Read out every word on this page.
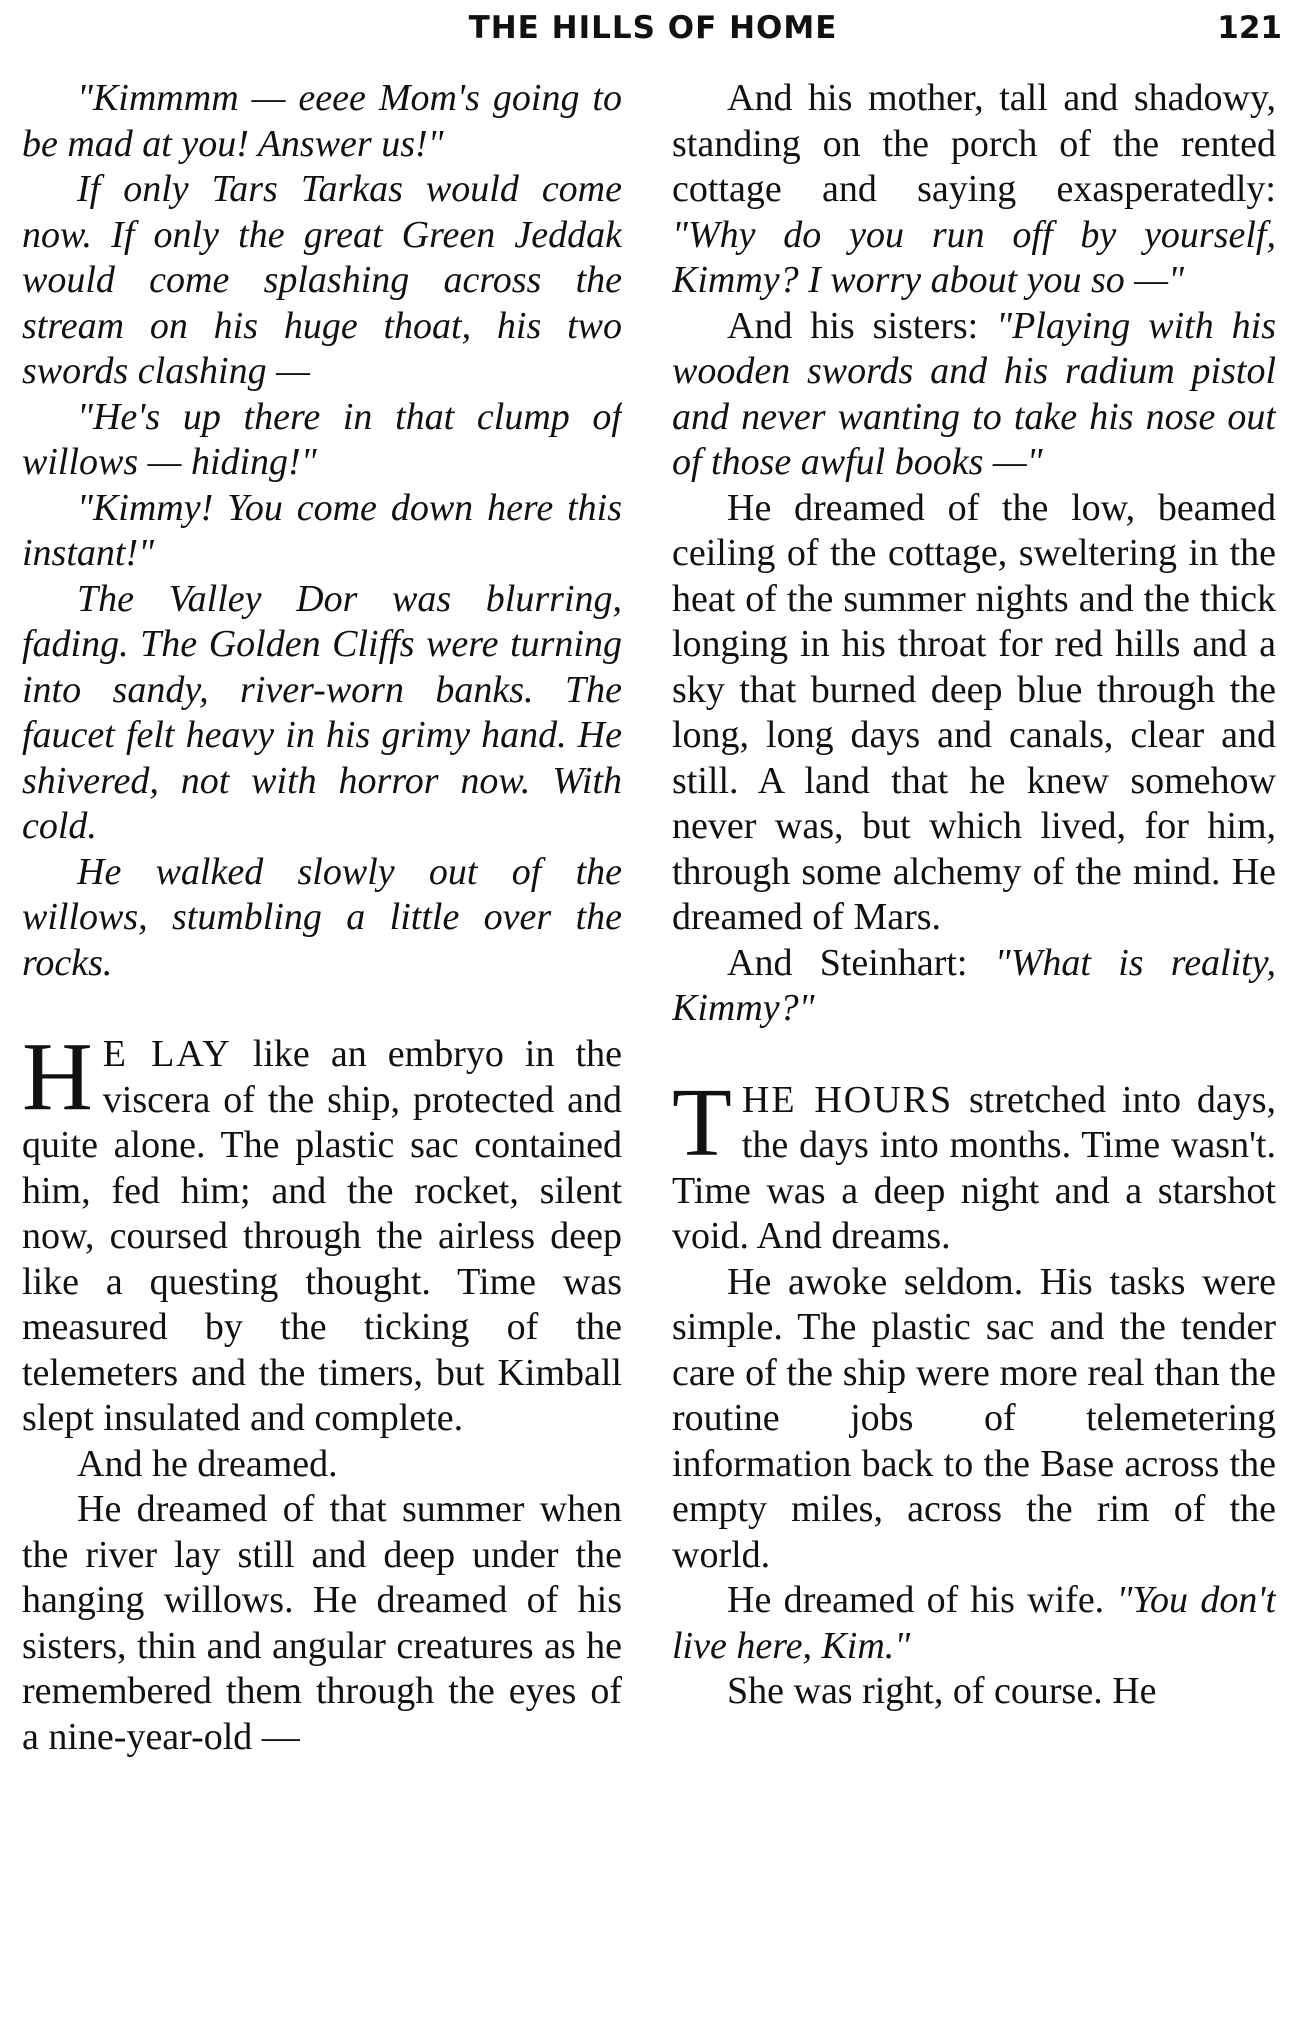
THE HILLS OF HOME	121

"Kimmmm — eeee Mom's going to be mad at you! Answer us!"

If only Tars Tarkas would come now. If only the great Green Jeddak would come splashing across the stream on his huge thoat, his two swords clashing —

"He's up there in that clump of willows — hiding!"

"Kimmy! You come down here this instant!"

The Valley Dor was blurring, fading. The Golden Cliffs were turning into sandy, river-worn banks. The faucet felt heavy in his grimy hand. He shivered, not with horror now. With cold.

He walked slowly out of the willows, stumbling a little over the rocks.

H E LAY like an embryo in the viscera of the ship, protected and quite alone. The plastic sac contained him, fed him; and the rocket, silent now, coursed through the airless deep like a questing thought. Time was measured by the ticking of the telemeters and the timers, but Kimball slept insulated and complete.

And he dreamed.

He dreamed of that summer when the river lay still and deep under the hanging willows. He dreamed of his sisters, thin and angular creatures as he remembered them through the eyes of a nine-year-old —

And his mother, tall and shadowy, standing on the porch of the rented cottage and saying exasperatedly: "Why do you run off by yourself, Kimmy? I worry about you so —"

And his sisters: "Playing with his wooden swords and his radium pistol and never wanting to take his nose out of those awful books —"

He dreamed of the low, beamed ceiling of the cottage, sweltering in the heat of the summer nights and the thick longing in his throat for red hills and a sky that burned deep blue through the long, long days and canals, clear and still. A land that he knew somehow never was, but which lived, for him, through some alchemy of the mind. He dreamed of Mars.

And Steinhart: "What is reality, Kimmy?"

THE HOURS stretched into days, the days into months. Time wasn't. Time was a deep night and a starshot void. And dreams.

He awoke seldom. His tasks were simple. The plastic sac and the tender care of the ship were more real than the routine jobs of telemetering information back to the Base across the empty miles, across the rim of the world.

He dreamed of his wife. "You don't live here, Kim."

She was right, of course. He
